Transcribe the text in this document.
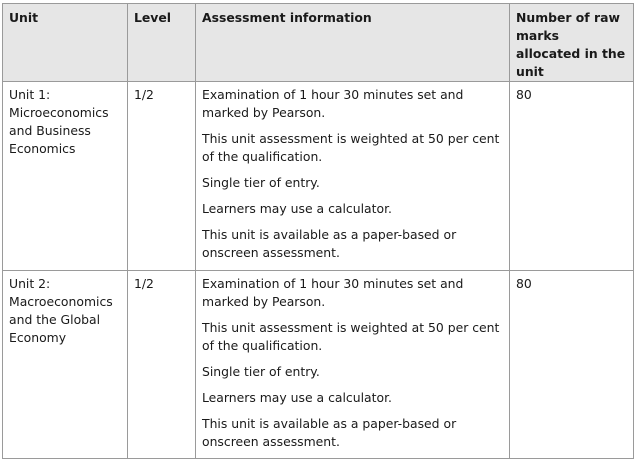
Unit	Level	Assessment information	Number of raw marks allocated in the unit
Unit 1: Microeconomics and Business Economics	1/2	Examination of 1 hour 30 minutes set and marked by Pearson.
This unit assessment is weighted at 50 per cent of the qualification.
Single tier of entry.
Learners may use a calculator.
This unit is available as a paper-based or onscreen assessment.	80
Unit 2: Macroeconomics and the Global Economy	1/2	Examination of 1 hour 30 minutes set and marked by Pearson.
This unit assessment is weighted at 50 per cent of the qualification.
Single tier of entry.
Learners may use a calculator.
This unit is available as a paper-based or onscreen assessment.	80
